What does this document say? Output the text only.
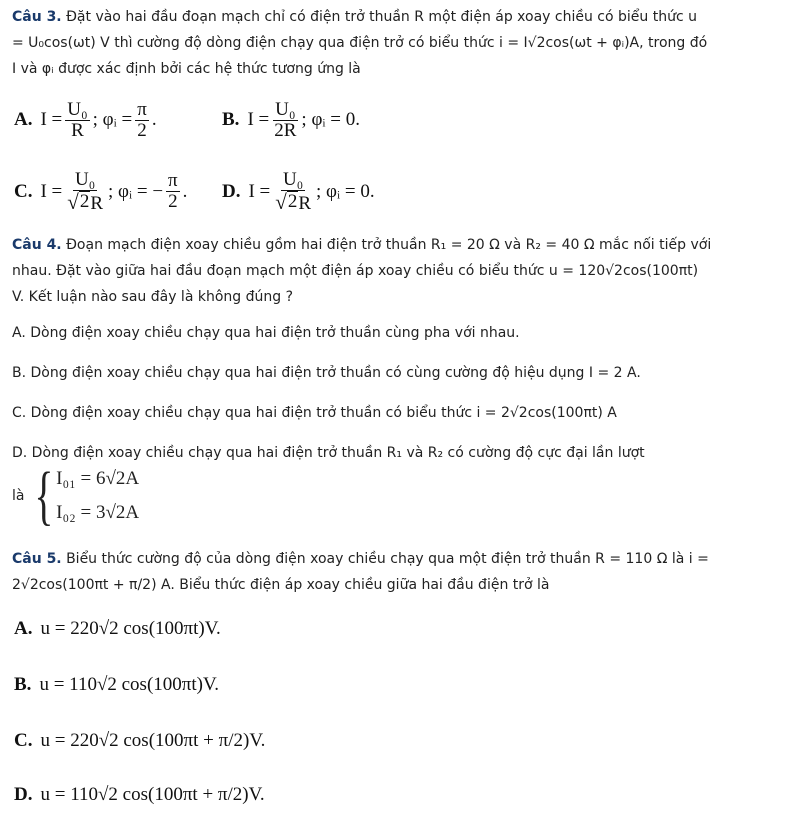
Câu 3. Đặt vào hai đầu đoạn mạch chỉ có điện trở thuần R một điện áp xoay chiều có biểu thức u = U₀cos(ωt) V thì cường độ dòng điện chạy qua điện trở có biểu thức i = I√2cos(ωt + φᵢ)A, trong đó I và φᵢ được xác định bởi các hệ thức tương ứng là
A. $I = \frac{\text{U₀}}{R}$ ; φᵢ = $\frac{\pi}{2}$ .	B. $I = \frac{\text{U₀}}{2R}$ ; φᵢ = 0.
C. $I = \frac{\text{U₀}}{√ 2 R}$ ; φᵢ = − $\frac{\pi}{2}$ . D. $I = \frac{\text{U₀}}{√ 2 R}$ ; φᵢ = 0.
Câu 4. Đoạn mạch điện xoay chiều gồm hai điện trở thuần R₁ = 20 Ω và R₂ = 40 Ω mắc nối tiếp với nhau. Đặt vào giữa hai đầu đoạn mạch một điện áp xoay chiều có biểu thức u = 120√2cos(100πt) V. Kết luận nào sau đây là không đúng ?
A. Dòng điện xoay chiều chạy qua hai điện trở thuần cùng pha với nhau.
B. Dòng điện xoay chiều chạy qua hai điện trở thuần có cùng cường độ hiệu dụng I = 2 A.
C. Dòng điện xoay chiều chạy qua hai điện trở thuần có biểu thức i = 2√2cos(100πt) A
D. Dòng điện xoay chiều chạy qua hai điện trở thuần R₁ và R₂ có cường độ cực đại lần lượt
là { I₀₁ = 6√2A
I₀₂ = 3√2A
Câu 5. Biểu thức cường độ của dòng điện xoay chiều chạy qua một điện trở thuần R = 110 Ω là i = 2√2cos(100πt + π/2) A. Biểu thức điện áp xoay chiều giữa hai đầu điện trở là
A. u = 220√2 cos(100πt)V.
B. u = 110√2 cos(100πt)V.
C. u = 220√2 cos(100πt + π/2)V.
D. u = 110√2 cos(100πt + π/2)V.
